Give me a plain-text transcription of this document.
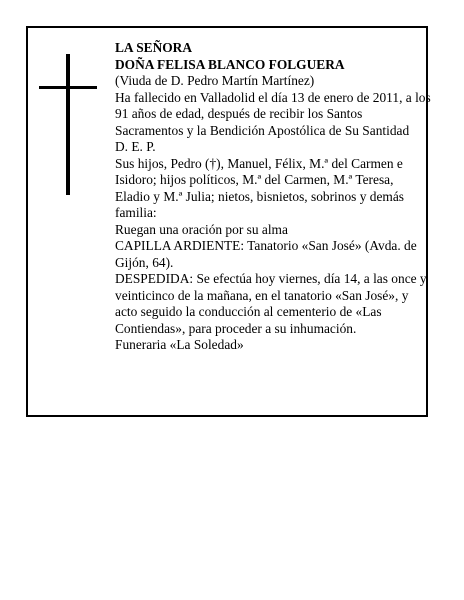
LA SEÑORA

DOÑA FELISA BLANCO FOLGUERA

(Viuda de D. Pedro Martín Martínez)

Ha fallecido en Valladolid el día 13 de enero de 2011, a los 91 años de edad, después de recibir los Santos Sacramentos y la Bendición Apostólica de Su Santidad

D. E. P.

Sus hijos, Pedro (†), Manuel, Félix, M.ª del Carmen e Isidoro; hijos políticos, M.ª del Carmen, M.ª Teresa, Eladio y M.ª Julia; nietos, bisnietos, sobrinos y demás familia:

Ruegan una oración por su alma

CAPILLA ARDIENTE: Tanatorio «San José» (Avda. de Gijón, 64).

DESPEDIDA: Se efectúa hoy viernes, día 14, a las once y veinticinco de la mañana, en el tanatorio «San José», y acto seguido la conducción al cementerio de «Las Contiendas», para proceder a su inhumación.

Funeraria «La Soledad»
